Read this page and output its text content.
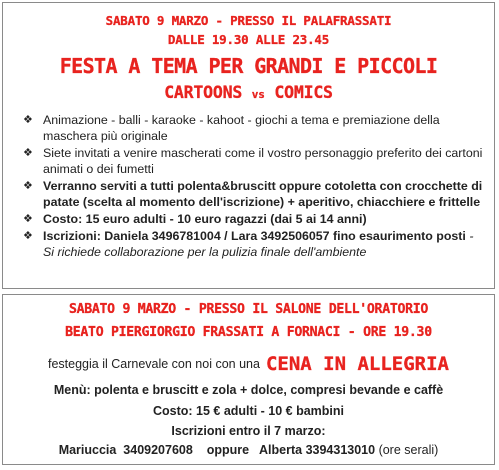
SABATO 9 MARZO - PRESSO IL PALAFRASSATI
DALLE 19.30 ALLE 23.45
FESTA A TEMA PER GRANDI E PICCOLI
CARTOONS vs COMICS
❖ Animazione - balli - karaoke - kahoot - giochi a tema e premiazione della maschera più originale
❖ Siete invitati a venire mascherati come il vostro personaggio preferito dei cartoni animati o dei fumetti
❖ Verranno serviti a tutti polenta&bruscitt oppure cotoletta con crocchette di patate (scelta al momento dell'iscrizione) + aperitivo, chiacchiere e frittelle
❖ Costo: 15 euro adulti - 10 euro ragazzi (dai 5 ai 14 anni)
❖ Iscrizioni: Daniela 3496781004 / Lara 3492506057 fino esaurimento posti - Si richiede collaborazione per la pulizia finale dell'ambiente
SABATO 9 MARZO - PRESSO IL SALONE DELL'ORATORIO
BEATO PIERGIORGIO FRASSATI A FORNACI - ORE 19.30
festeggia il Carnevale con noi con una CENA IN ALLEGRIA
Menù: polenta e bruscitt e zola + dolce, compresi bevande e caffè
Costo: 15 € adulti - 10 € bambini
Iscrizioni entro il 7 marzo:
Mariuccia  3409207608    oppure   Alberta 3394313010 (ore serali)
